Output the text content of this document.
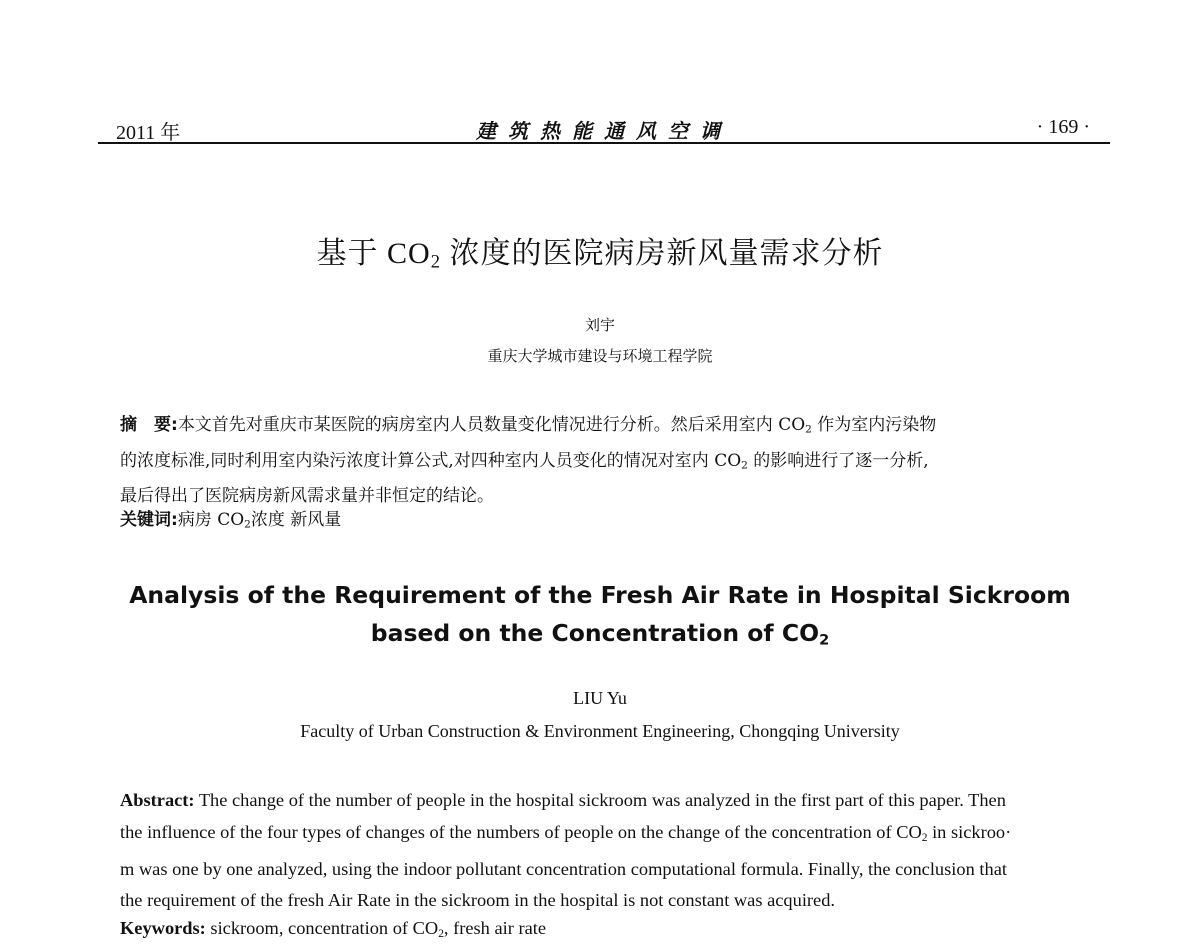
2011 年	建筑热能通风空调	· 169 ·
基于 $CO_2$ 浓度的医院病房新风量需求分析
刘宇
重庆大学城市建设与环境工程学院
摘　要:本文首先对重庆市某医院的病房室内人员数量变化情况进行分析。然后采用室内 $CO_2$ 作为室内污染物
的浓度标准,同时利用室内染污浓度计算公式,对四种室内人员变化的情况对室内 $CO_2$ 的影响进行了逐一分析,
最后得出了医院病房新风需求量并非恒定的结论。
关键词:病房 $CO_2$浓度 新风量
Analysis of the Requirement of the Fresh Air Rate in Hospital Sickroom
based on the Concentration of $CO_2$
LIU Yu
Faculty of Urban Construction & Environment Engineering, Chongqing University
Abstract: The change of the number of people in the hospital sickroom was analyzed in the first part of this paper. Then
the influence of the four types of changes of the numbers of people on the change of the concentration of $CO_2$ in sickroo·
m was one by one analyzed, using the indoor pollutant concentration computational formula. Finally, the conclusion that
the requirement of the fresh Air Rate in the sickroom in the hospital is not constant was acquired.
Keywords: sickroom, concentration of $CO_2$, fresh air rate
